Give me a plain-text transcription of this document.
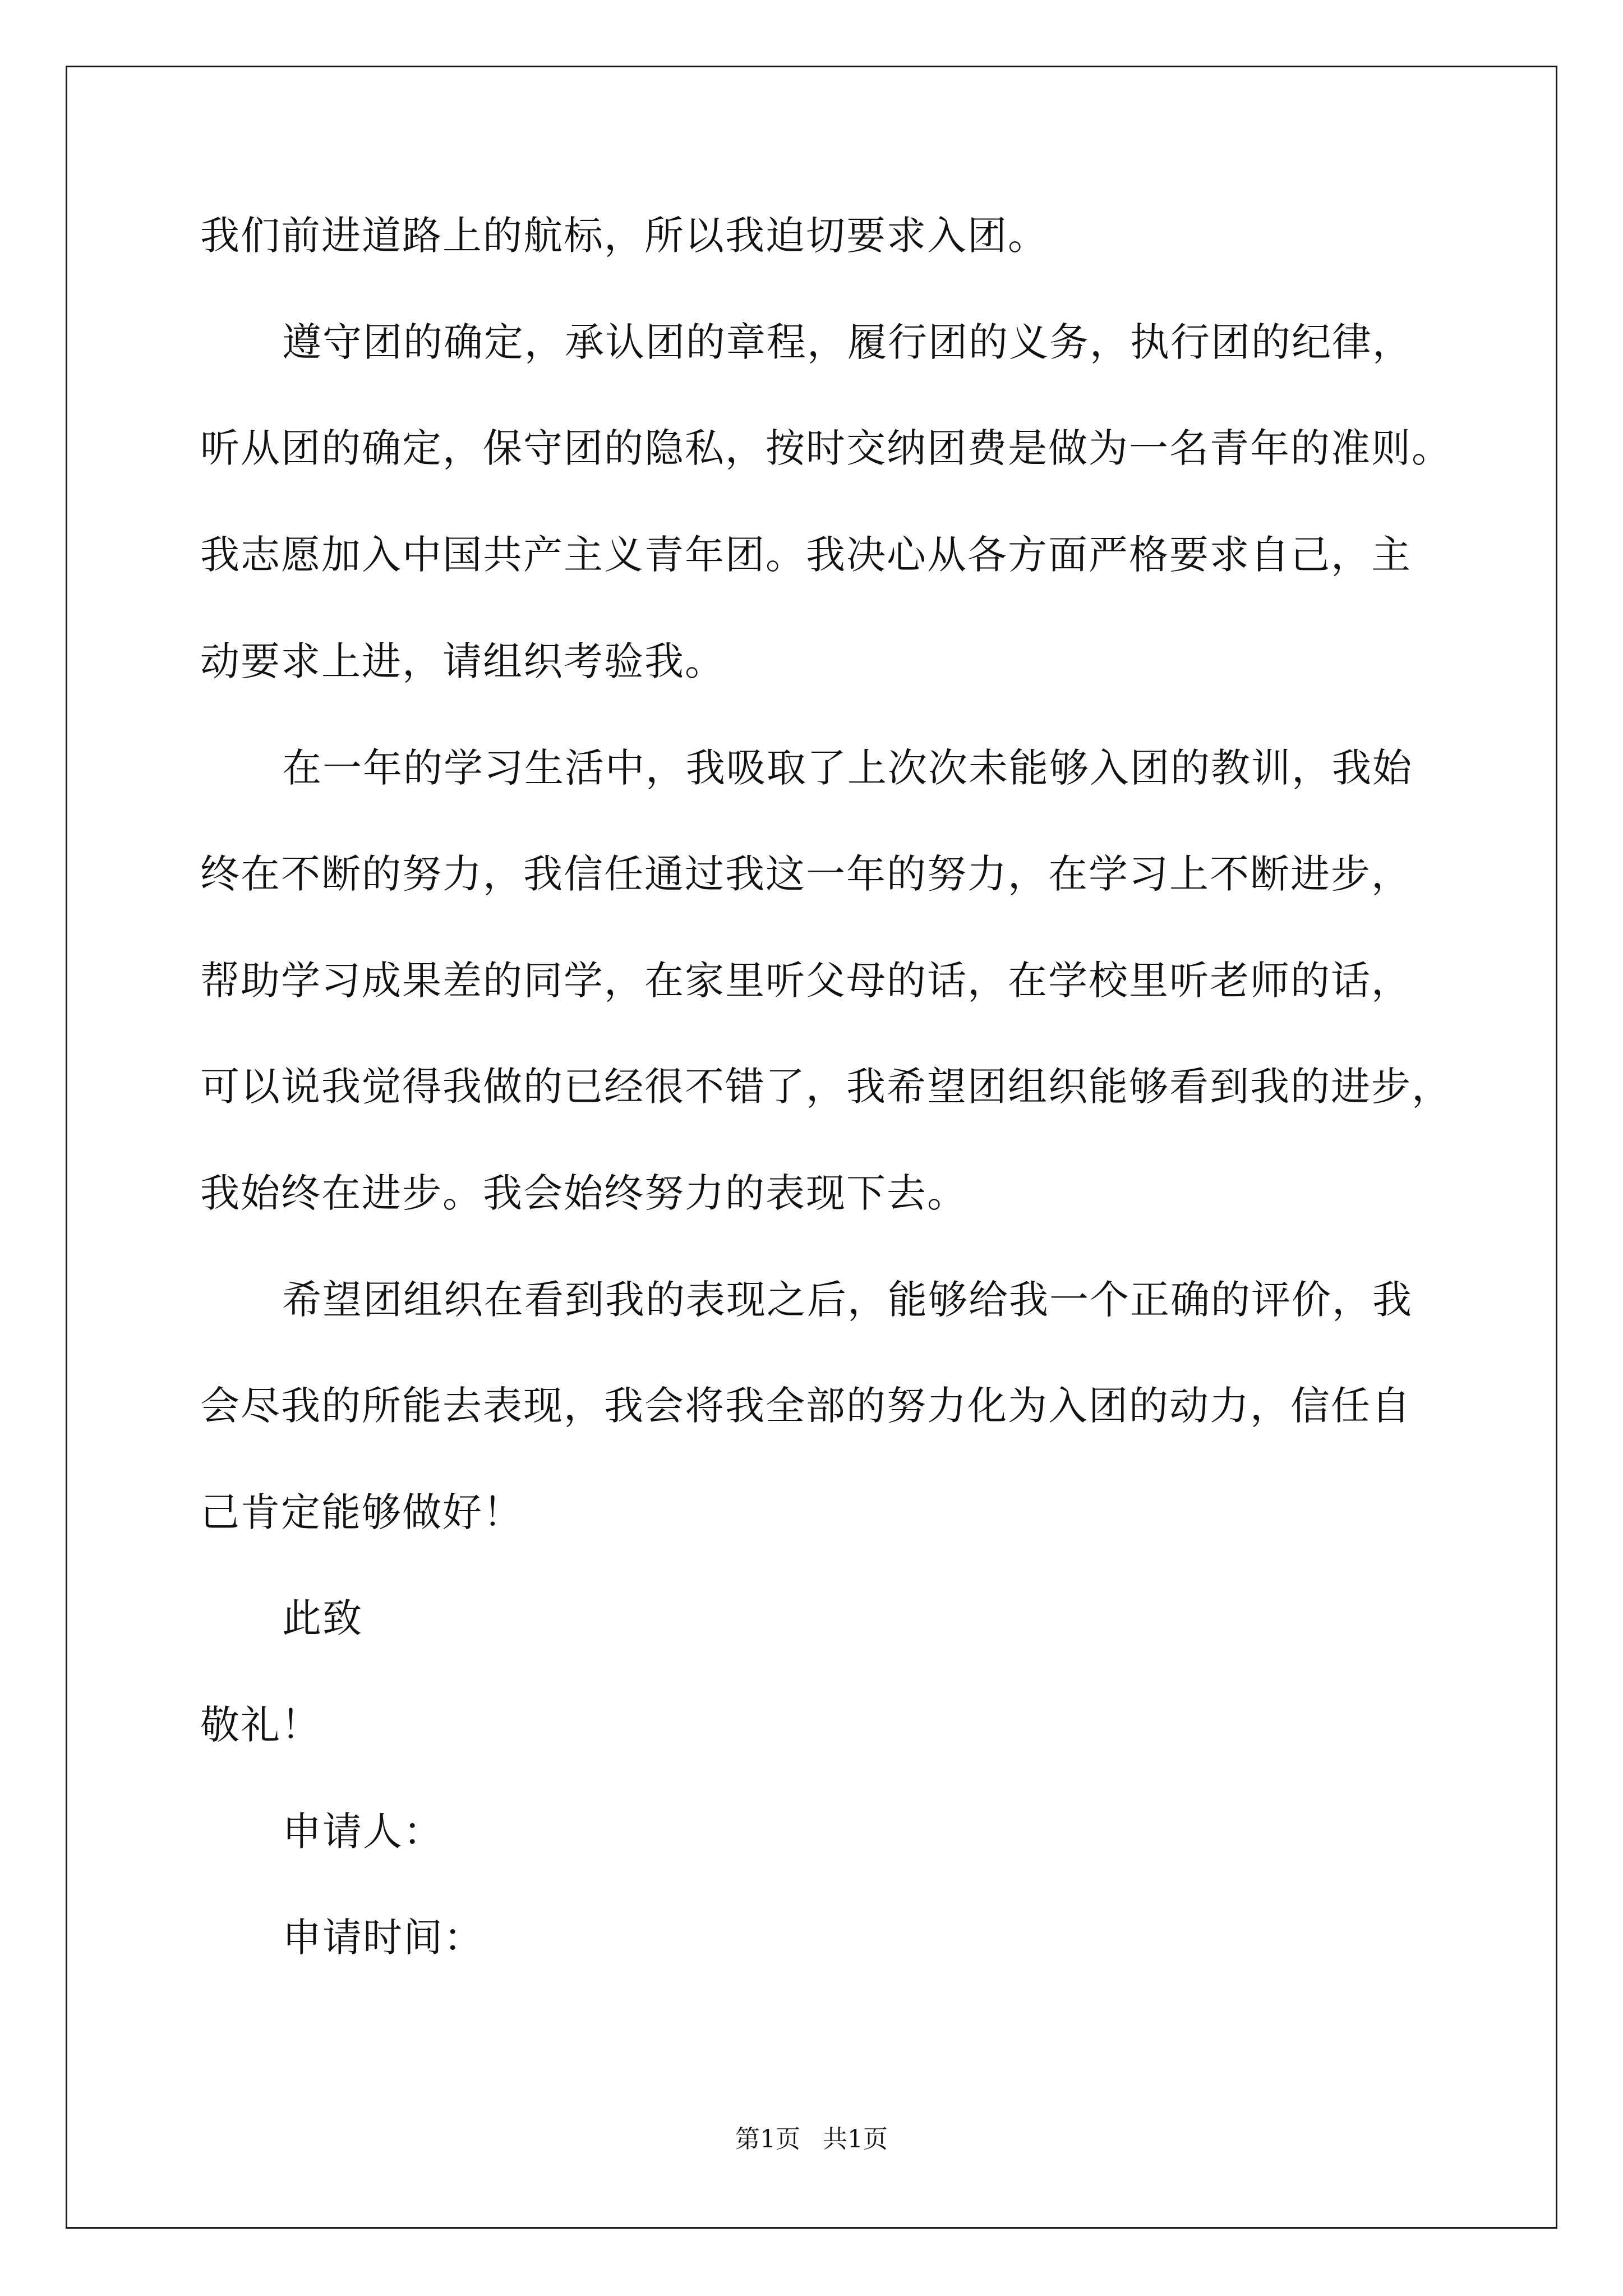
我们前进道路上的航标，所以我迫切要求入团。
遵守团的确定，承认团的章程，履行团的义务，执行团的纪律，
听从团的确定，保守团的隐私，按时交纳团费是做为一名青年的准则。
我志愿加入中国共产主义青年团。我决心从各方面严格要求自己，主
动要求上进，请组织考验我。
在一年的学习生活中，我吸取了上次次未能够入团的教训，我始
终在不断的努力，我信任通过我这一年的努力，在学习上不断进步，
帮助学习成果差的同学，在家里听父母的话，在学校里听老师的话，
可以说我觉得我做的已经很不错了，我希望团组织能够看到我的进步，
我始终在进步。我会始终努力的表现下去。
希望团组织在看到我的表现之后，能够给我一个正确的评价，我
会尽我的所能去表现，我会将我全部的努力化为入团的动力，信任自
己肯定能够做好！
此致
敬礼！
申请人：
申请时间：
第1页 共1页
